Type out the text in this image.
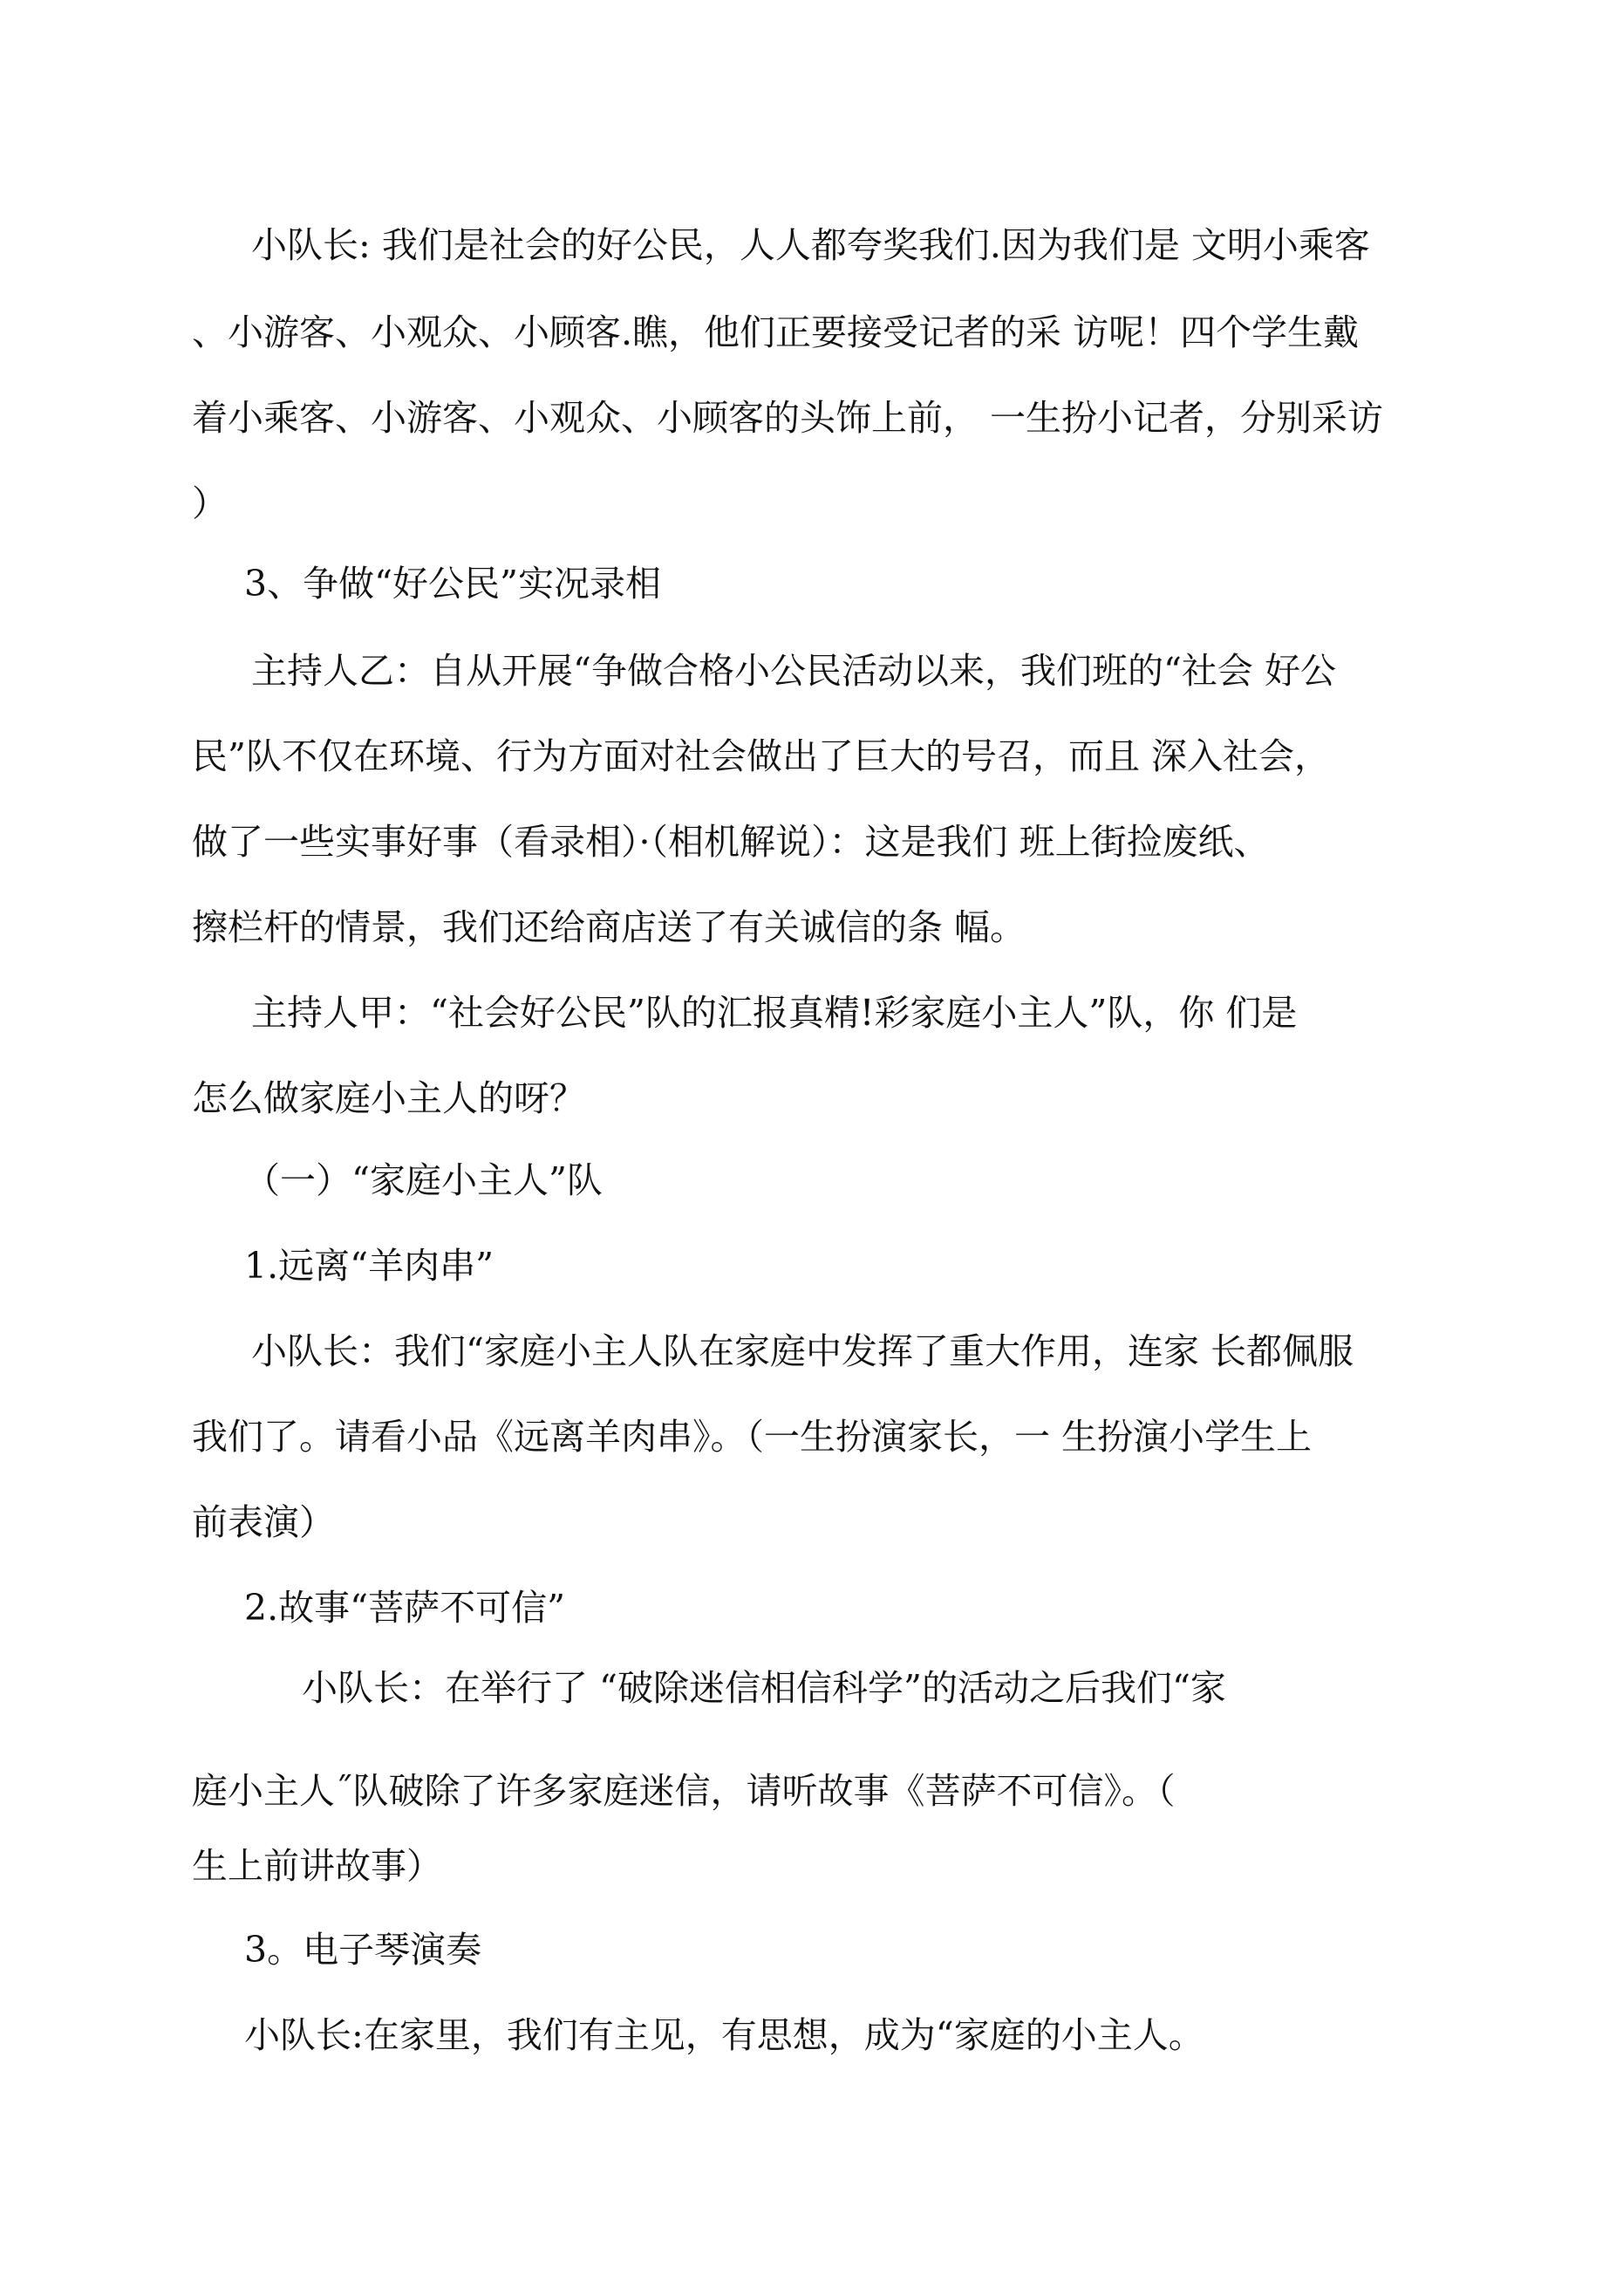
小队长: 我们是社会的好公民，人人都夸奖我们.因为我们是 文明小乘客
、小游客、小观众、小顾客.瞧，他们正要接受记者的采 访呢！四个学生戴
着小乘客、小游客、小观众、小顾客的头饰上前， 一生扮小记者，分别采访
）
3、争做“好公民”实况录相
主持人乙：自从开展“争做合格小公民活动以来，我们班的“社会 好公
民”队不仅在环境、行为方面对社会做出了巨大的号召，而且 深入社会，
做了一些实事好事（看录相）·（相机解说）：这是我们 班上街捡废纸、
擦栏杆的情景，我们还给商店送了有关诚信的条 幅。
主持人甲：“社会好公民”队的汇报真精!彩家庭小主人”队，你 们是
怎么做家庭小主人的呀？
（一）“家庭小主人”队
1.远离“羊肉串”
小队长：我们“家庭小主人队在家庭中发挥了重大作用，连家 长都佩服
我们了。请看小品《远离羊肉串》。（一生扮演家长，一 生扮演小学生上
前表演）
2.故事“菩萨不可信”
小队长：在举行了 “破除迷信相信科学”的活动之后我们“家
庭小主人˝队破除了许多家庭迷信，请听故事《菩萨不可信》。（
生上前讲故事）
3。电子琴演奏
小队长:在家里，我们有主见，有思想，成为“家庭的小主人。
